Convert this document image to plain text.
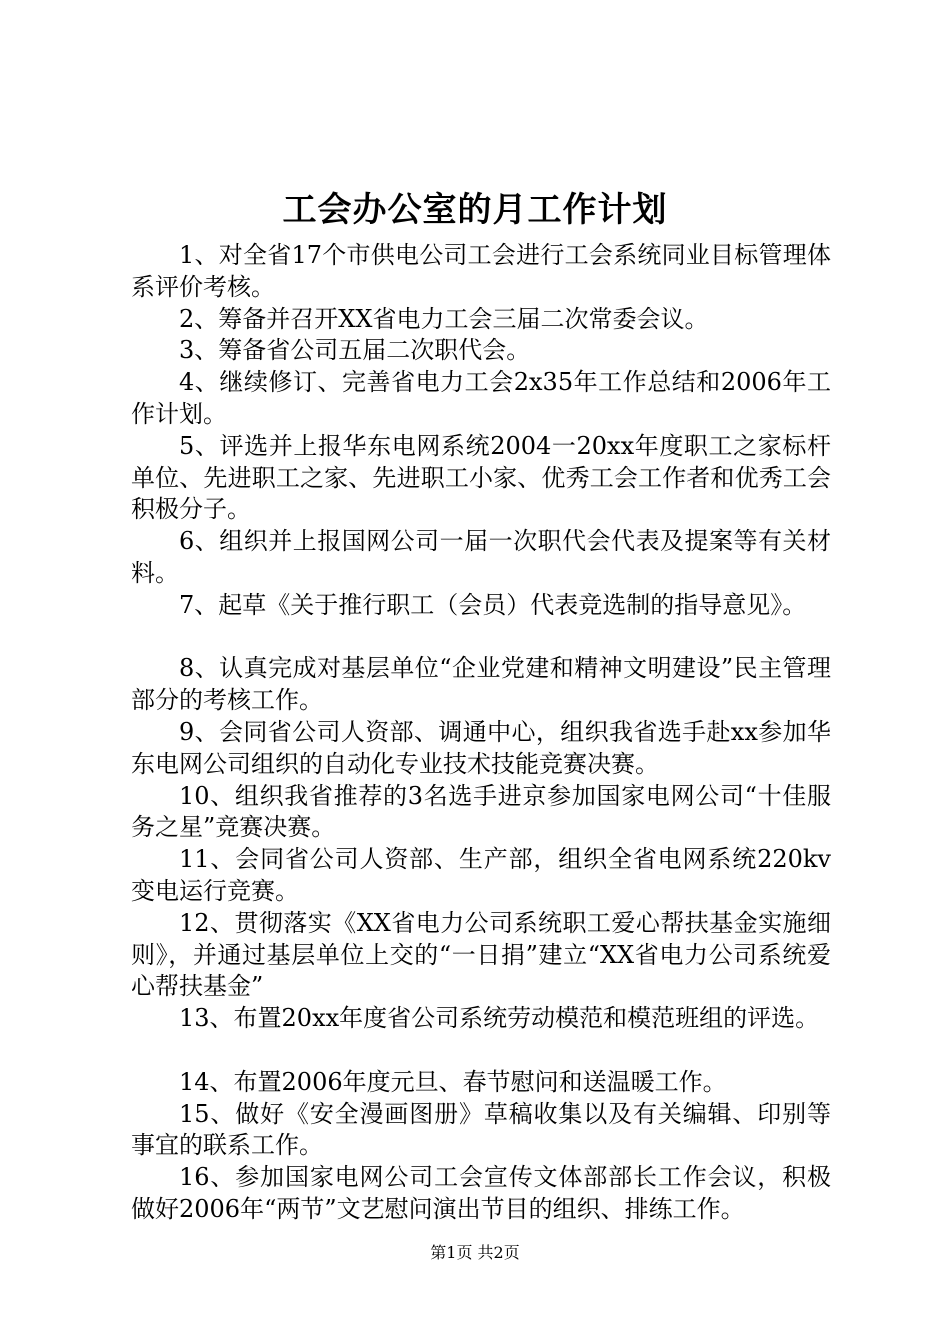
工会办公室的月工作计划

1、对全省17个市供电公司工会进行工会系统同业目标管理体系评价考核。

2、筹备并召开XX省电力工会三届二次常委会议。

3、筹备省公司五届二次职代会。

4、继续修订、完善省电力工会2x35年工作总结和2006年工作计划。

5、评选并上报华东电网系统2004一20xx年度职工之家标杆单位、先进职工之家、先进职工小家、优秀工会工作者和优秀工会积极分子。

6、组织并上报国网公司一届一次职代会代表及提案等有关材料。

7、起草《关于推行职工（会员）代表竞选制的指导意见》。

8、认真完成对基层单位“企业党建和精神文明建设”民主管理部分的考核工作。

9、会同省公司人资部、调通中心，组织我省选手赴xx参加华东电网公司组织的自动化专业技术技能竞赛决赛。

10、组织我省推荐的3名选手进京参加国家电网公司“十佳服务之星”竞赛决赛。

11、会同省公司人资部、生产部，组织全省电网系统220kv变电运行竞赛。

12、贯彻落实《XX省电力公司系统职工爱心帮扶基金实施细则》，并通过基层单位上交的“一日捐”建立“XX省电力公司系统爱心帮扶基金”

13、布置20xx年度省公司系统劳动模范和模范班组的评选。

14、布置2006年度元旦、春节慰问和送温暖工作。

15、做好《安全漫画图册》草稿收集以及有关编辑、印别等事宜的联系工作。

16、参加国家电网公司工会宣传文体部部长工作会议，积极做好2006年“两节”文艺慰问演出节目的组织、排练工作。

第1页 共2页
